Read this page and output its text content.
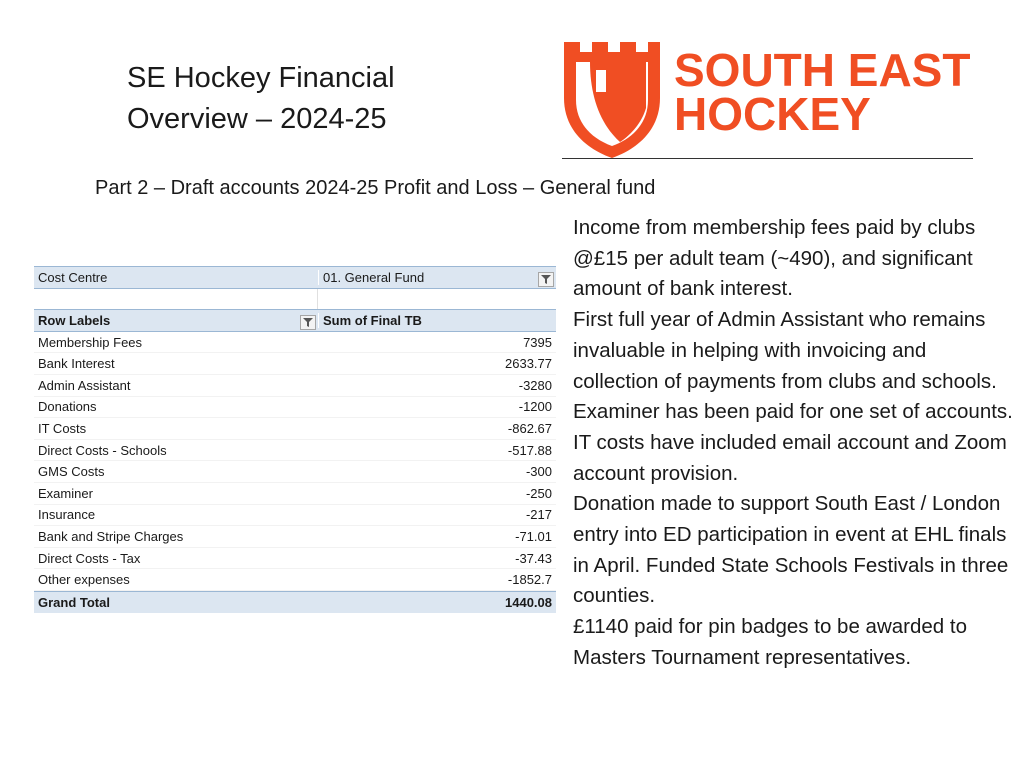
SE Hockey Financial
Overview – 2024-25
SOUTH EAST
HOCKEY
Part 2 – Draft accounts 2024-25 Profit and Loss – General fund
Cost Centre	01. General Fund
Row Labels	Sum of Final TB
Membership Fees	7395
Bank Interest	2633.77
Admin Assistant	-3280
Donations	-1200
IT Costs	-862.67
Direct Costs - Schools	-517.88
GMS Costs	-300
Examiner	-250
Insurance	-217
Bank and Stripe Charges	-71.01
Direct Costs - Tax	-37.43
Other expenses	-1852.7
Grand Total	1440.08

Income from membership fees paid by clubs @£15 per adult team (~490), and significant amount of bank interest.

First full year of Admin Assistant who remains invaluable in helping with invoicing and collection of payments from clubs and schools.

Examiner has been paid for one set of accounts.

IT costs have included email account and Zoom account provision.

Donation made to support South East / London entry into ED participation in event at EHL finals in April. Funded State Schools Festivals in three counties.

£1140 paid for pin badges to be awarded to Masters Tournament representatives.
